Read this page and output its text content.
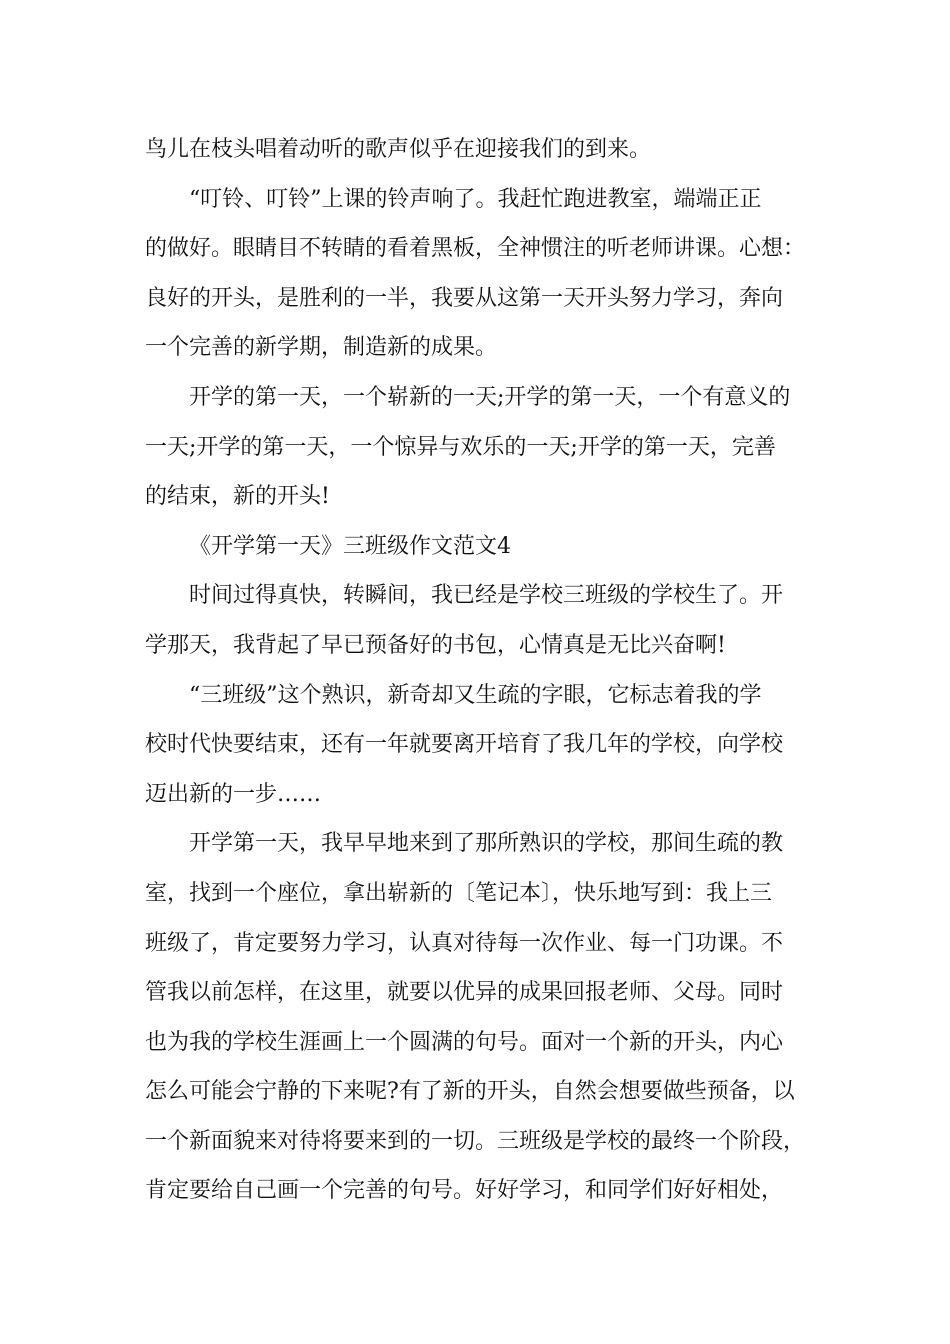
鸟儿在枝头唱着动听的歌声似乎在迎接我们的到来。
“叮铃、叮铃”上课的铃声响了。我赶忙跑进教室，端端正正
的做好。眼睛目不转睛的看着黑板，全神惯注的听老师讲课。心想：
良好的开头，是胜利的一半，我要从这第一天开头努力学习，奔向
一个完善的新学期，制造新的成果。
开学的第一天，一个崭新的一天;开学的第一天，一个有意义的
一天;开学的第一天，一个惊异与欢乐的一天;开学的第一天，完善
的结束，新的开头!
《开学第一天》三班级作文范文4
时间过得真快，转瞬间，我已经是学校三班级的学校生了。开
学那天，我背起了早已预备好的书包，心情真是无比兴奋啊!
“三班级”这个熟识，新奇却又生疏的字眼，它标志着我的学
校时代快要结束，还有一年就要离开培育了我几年的学校，向学校
迈出新的一步……
开学第一天，我早早地来到了那所熟识的学校，那间生疏的教
室，找到一个座位，拿出崭新的〔笔记本〕，快乐地写到：我上三
班级了，肯定要努力学习，认真对待每一次作业、每一门功课。不
管我以前怎样，在这里，就要以优异的成果回报老师、父母。同时
也为我的学校生涯画上一个圆满的句号。面对一个新的开头，内心
怎么可能会宁静的下来呢?有了新的开头，自然会想要做些预备，以
一个新面貌来对待将要来到的一切。三班级是学校的最终一个阶段，
肯定要给自己画一个完善的句号。好好学习，和同学们好好相处，
